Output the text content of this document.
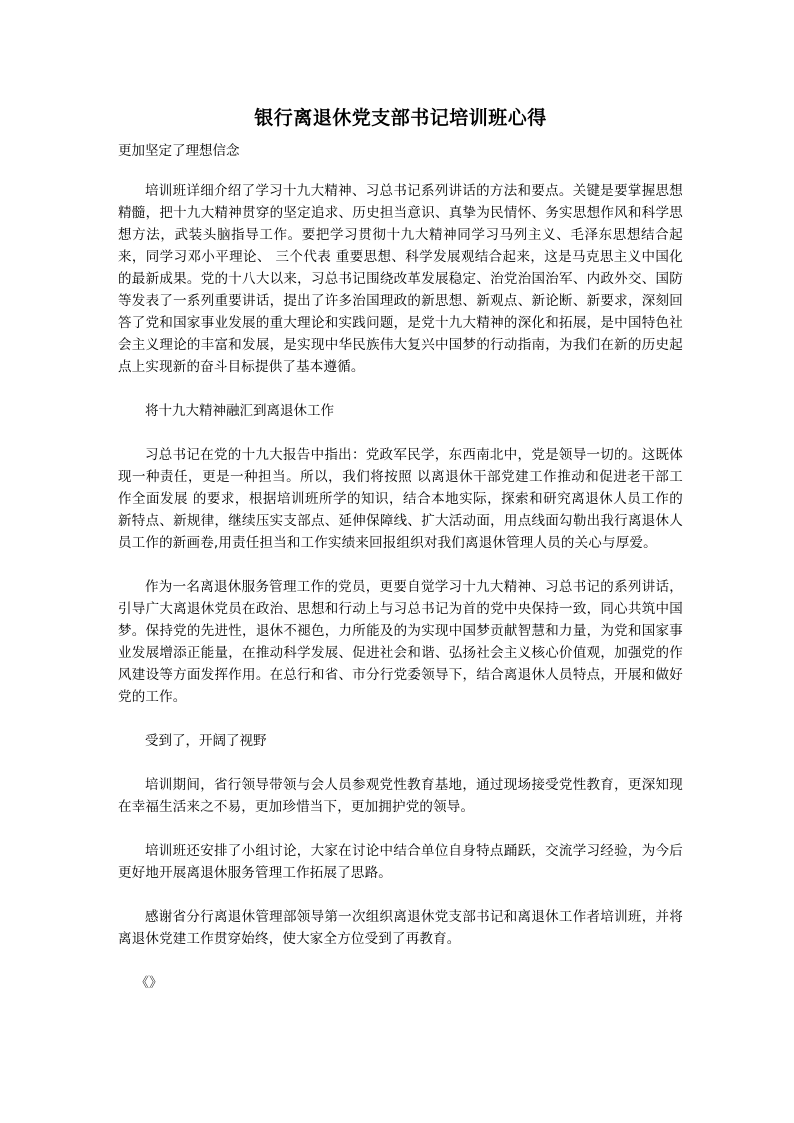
银行离退休党支部书记培训班心得

更加坚定了理想信念

培训班详细介绍了学习十九大精神、习总书记系列讲话的方法和要点。关键是要掌握思想精髓，把十九大精神贯穿的坚定追求、历史担当意识、真挚为民情怀、务实思想作风和科学思想方法，武装头脑指导工作。要把学习贯彻十九大精神同学习马列主义、毛泽东思想结合起来，同学习邓小平理论、 三个代表 重要思想、科学发展观结合起来，这是马克思主义中国化的最新成果。党的十八大以来，习总书记围绕改革发展稳定、治党治国治军、内政外交、国防等发表了一系列重要讲话，提出了许多治国理政的新思想、新观点、新论断、新要求，深刻回答了党和国家事业发展的重大理论和实践问题，是党十九大精神的深化和拓展，是中国特色社会主义理论的丰富和发展，是实现中华民族伟大复兴中国梦的行动指南，为我们在新的历史起点上实现新的奋斗目标提供了基本遵循。

将十九大精神融汇到离退休工作

习总书记在党的十九大报告中指出：党政军民学，东西南北中，党是领导一切的。这既体现一种责任，更是一种担当。所以，我们将按照 以离退休干部党建工作推动和促进老干部工作全面发展 的要求，根据培训班所学的知识，结合本地实际，探索和研究离退休人员工作的新特点、新规律，继续压实支部点、延伸保障线、扩大活动面，用点线面勾勒出我行离退休人员工作的新画卷,用责任担当和工作实绩来回报组织对我们离退休管理人员的关心与厚爱。

作为一名离退休服务管理工作的党员，更要自觉学习十九大精神、习总书记的系列讲话，引导广大离退休党员在政治、思想和行动上与习总书记为首的党中央保持一致，同心共筑中国梦。保持党的先进性，退休不褪色，力所能及的为实现中国梦贡献智慧和力量，为党和国家事业发展增添正能量，在推动科学发展、促进社会和谐、弘扬社会主义核心价值观，加强党的作风建设等方面发挥作用。在总行和省、市分行党委领导下，结合离退休人员特点，开展和做好党的工作。

受到了，开阔了视野

培训期间，省行领导带领与会人员参观党性教育基地，通过现场接受党性教育，更深知现在幸福生活来之不易，更加珍惜当下，更加拥护党的领导。

培训班还安排了小组讨论，大家在讨论中结合单位自身特点踊跃，交流学习经验，为今后更好地开展离退休服务管理工作拓展了思路。

感谢省分行离退休管理部领导第一次组织离退休党支部书记和离退休工作者培训班，并将离退休党建工作贯穿始终，使大家全方位受到了再教育。

《》
